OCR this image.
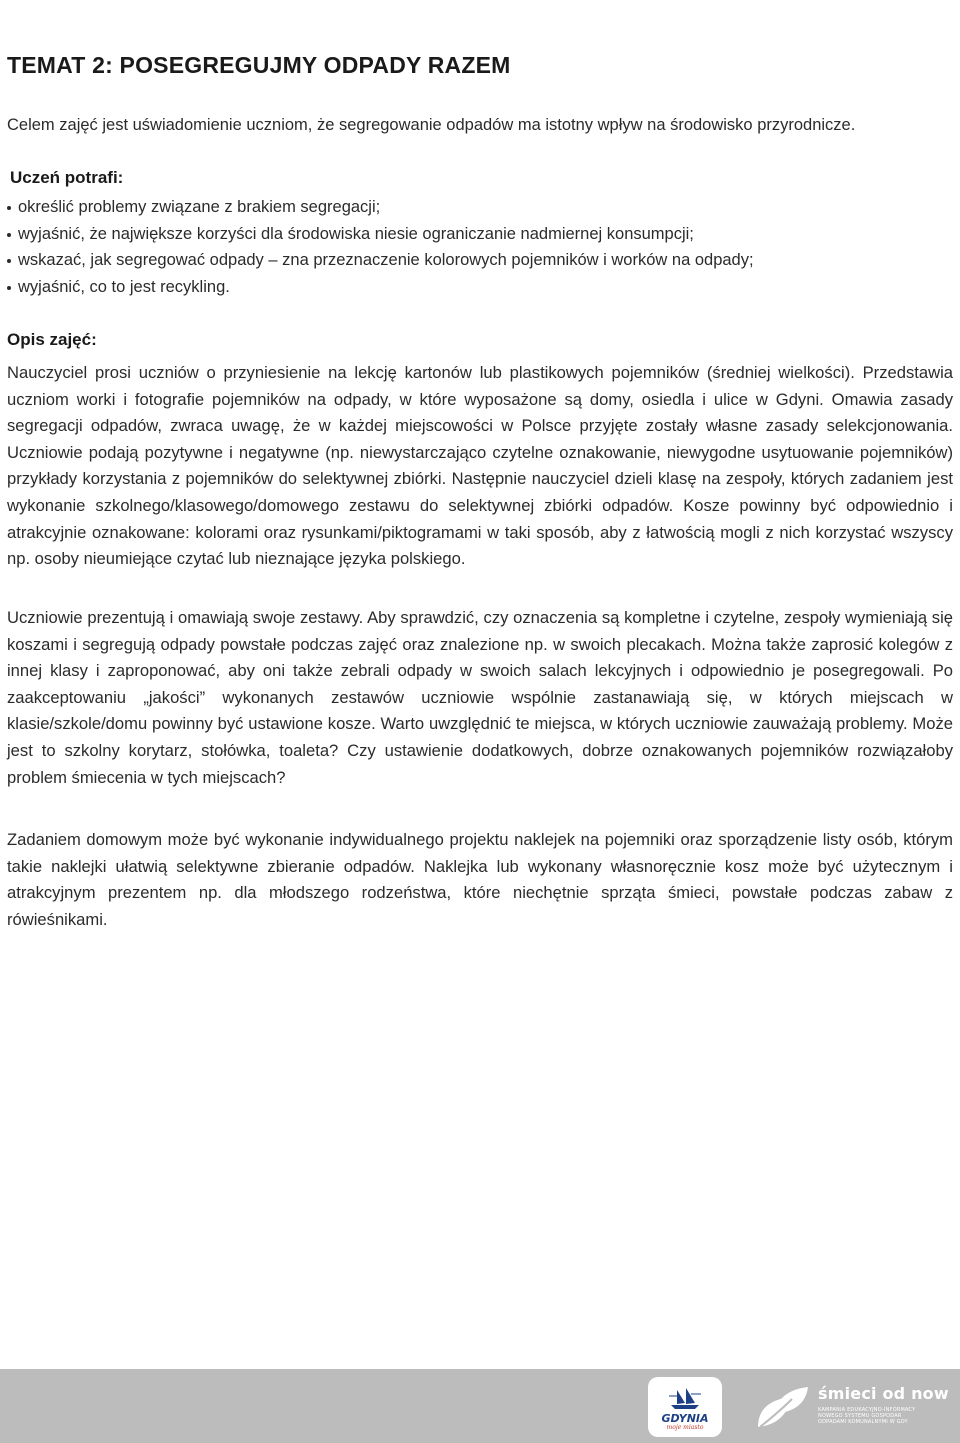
TEMAT 2: POSEGREGUJMY ODPADY RAZEM

Celem zajęć jest uświadomienie uczniom, że segregowanie odpadów ma istotny wpływ na środowisko przyrodnicze.

Uczeń potrafi:

określić problemy związane z brakiem segregacji;
wyjaśnić, że największe korzyści dla środowiska niesie ograniczanie nadmiernej konsumpcji;
wskazać, jak segregować odpady – zna przeznaczenie kolorowych pojemników i worków na odpady;
wyjaśnić, co to jest recykling.

Opis zajęć:

Nauczyciel prosi uczniów o przyniesienie na lekcję kartonów lub plastikowych pojemników (średniej wielkości). Przedstawia uczniom worki i fotografie pojemników na odpady, w które wyposażone są domy, osiedla i ulice w Gdyni. Omawia zasady segregacji odpadów, zwraca uwagę, że w każdej miejscowości w Polsce przyjęte zostały własne zasady selekcjonowania. Uczniowie podają pozytywne i negatywne (np. niewystarczająco czytelne oznakowanie, niewygodne usytuowanie pojemników) przykłady korzystania z pojemników do selektywnej zbiórki. Następnie nauczyciel dzieli klasę na zespoły, których zadaniem jest wykonanie szkolnego/klasowego/domowego zestawu do selektywnej zbiórki odpadów. Kosze powinny być odpowiednio i atrakcyjnie oznakowane: kolorami oraz rysunkami/piktogramami w taki sposób, aby z łatwością mogli z nich korzystać wszyscy np. osoby nieumiejące czytać lub nieznające języka polskiego.

Uczniowie prezentują i omawiają swoje zestawy. Aby sprawdzić, czy oznaczenia są kompletne i czytelne, zespoły wymieniają się koszami i segregują odpady powstałe podczas zajęć oraz znalezione np. w swoich plecakach. Można także zaprosić kolegów z innej klasy i zaproponować, aby oni także zebrali odpady w swoich salach lekcyjnych i odpowiednio je posegregowali. Po zaakceptowaniu „jakości” wykonanych zestawów uczniowie wspólnie zastanawiają się, w których miejscach w klasie/szkole/domu powinny być ustawione kosze. Warto uwzględnić te miejsca, w których uczniowie zauważają problemy. Może jest to szkolny korytarz, stołówka, toaleta? Czy ustawienie dodatkowych, dobrze oznakowanych pojemników rozwiązałoby problem śmiecenia w tych miejscach?

Zadaniem domowym może być wykonanie indywidualnego projektu naklejek na pojemniki oraz sporządzenie listy osób, którym takie naklejki ułatwią selektywne zbieranie odpadów. Naklejka lub wykonany własnoręcznie kosz może być użytecznym i atrakcyjnym prezentem np. dla młodszego rodzeństwa, które niechętnie sprząta śmieci, powstałe podczas zabaw z rówieśnikami.

GDYNIA
moje miasto
śmieci od now
KAMPANIA EDUKACYJNO-INFORMACY
NOWEGO SYSTEMU GOSPODAR
ODPADAMI KOMUNALNYMI W GDY
